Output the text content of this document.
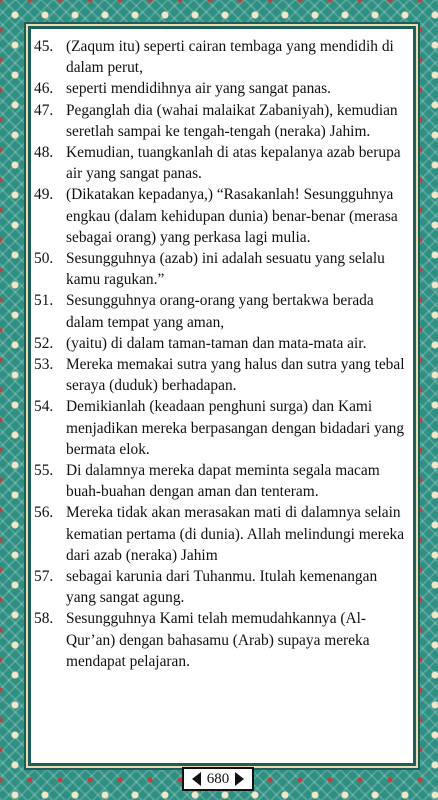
45. (Zaqum itu) seperti cairan tembaga yang mendidih di dalam perut,

46. seperti mendidihnya air yang sangat panas.

47. Peganglah dia (wahai malaikat Zabaniyah), kemudian seretlah sampai ke tengah-tengah (neraka) Jahim.

48. Kemudian, tuangkanlah di atas kepalanya azab berupa air yang sangat panas.

49. (Dikatakan kepadanya,) “Rasakanlah! Sesungguhnya engkau (dalam kehidupan dunia) benar-benar (merasa sebagai orang) yang perkasa lagi mulia.

50. Sesungguhnya (azab) ini adalah sesuatu yang selalu kamu ragukan.”

51. Sesungguhnya orang-orang yang bertakwa berada dalam tempat yang aman,

52. (yaitu) di dalam taman-taman dan mata-mata air.

53. Mereka memakai sutra yang halus dan sutra yang tebal seraya (duduk) berhadapan.

54. Demikianlah (keadaan penghuni surga) dan Kami menjadikan mereka berpasangan dengan bidadari yang bermata elok.

55. Di dalamnya mereka dapat meminta segala macam buah-buahan dengan aman dan tenteram.

56. Mereka tidak akan merasakan mati di dalamnya selain kematian pertama (di dunia). Allah melindungi mereka dari azab (neraka) Jahim

57. sebagai karunia dari Tuhanmu. Itulah kemenangan yang sangat agung.

58. Sesungguhnya Kami telah memudahkannya (Al-Qur’an) dengan bahasamu (Arab) supaya mereka mendapat pelajaran.

680
